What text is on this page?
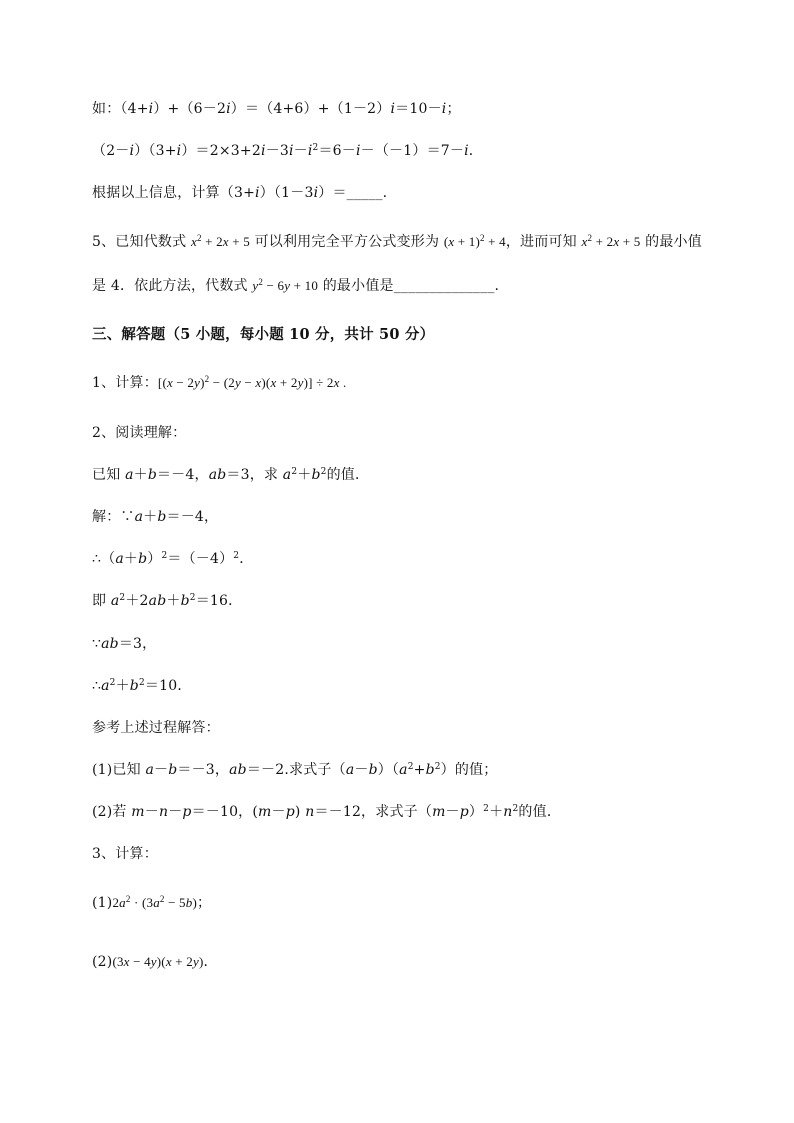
如：（4+i）+（6－2i）＝（4+6）+（1－2）i＝10－i；
$(2-i)(3+i)=2\times 3+2i-3i-i^2=6-i-(-1)=7-i$．
根据以上信息，计算（3+i）（1－3i）＝_____.
5、已知代数式 $x^2 + 2x + 5$ 可以利用完全平方公式变形为 $(x + 1)^2 + 4$，进而可知 $x^2 + 2x + 5$ 的最小值
是 4．依此方法，代数式 $y^2 - 6y + 10$ 的最小值是______________.
三、解答题（5 小题，每小题 10 分，共计 50 分）
1、计算：$[(x - 2y)^2 - (2y - x)(x + 2y)] \div 2x$ .
2、阅读理解：
已知 a＋b＝－4，ab＝3，求 $a^2+b^2$的值．
解：∵a＋b＝－4，
$\therefore(a+b)^2=(-4)^2$．
即 $a^2+2ab+b^2=16$．
∵ab＝3，
$\therefore a^2+b^2=10$．
参考上述过程解答：
(1)已知 a－b＝－3，ab＝－2.求式子$(a-b)(a^2+b^2)$的值；
(2)若 m－n－p＝－10，(m－p) n＝－12，求式子$(m-p)^2+n^2$的值．
3、计算：
$(1)2a^2 \cdot (3a^2 - 5b)$；
(2)(3x − 4y)(x + 2y)．
